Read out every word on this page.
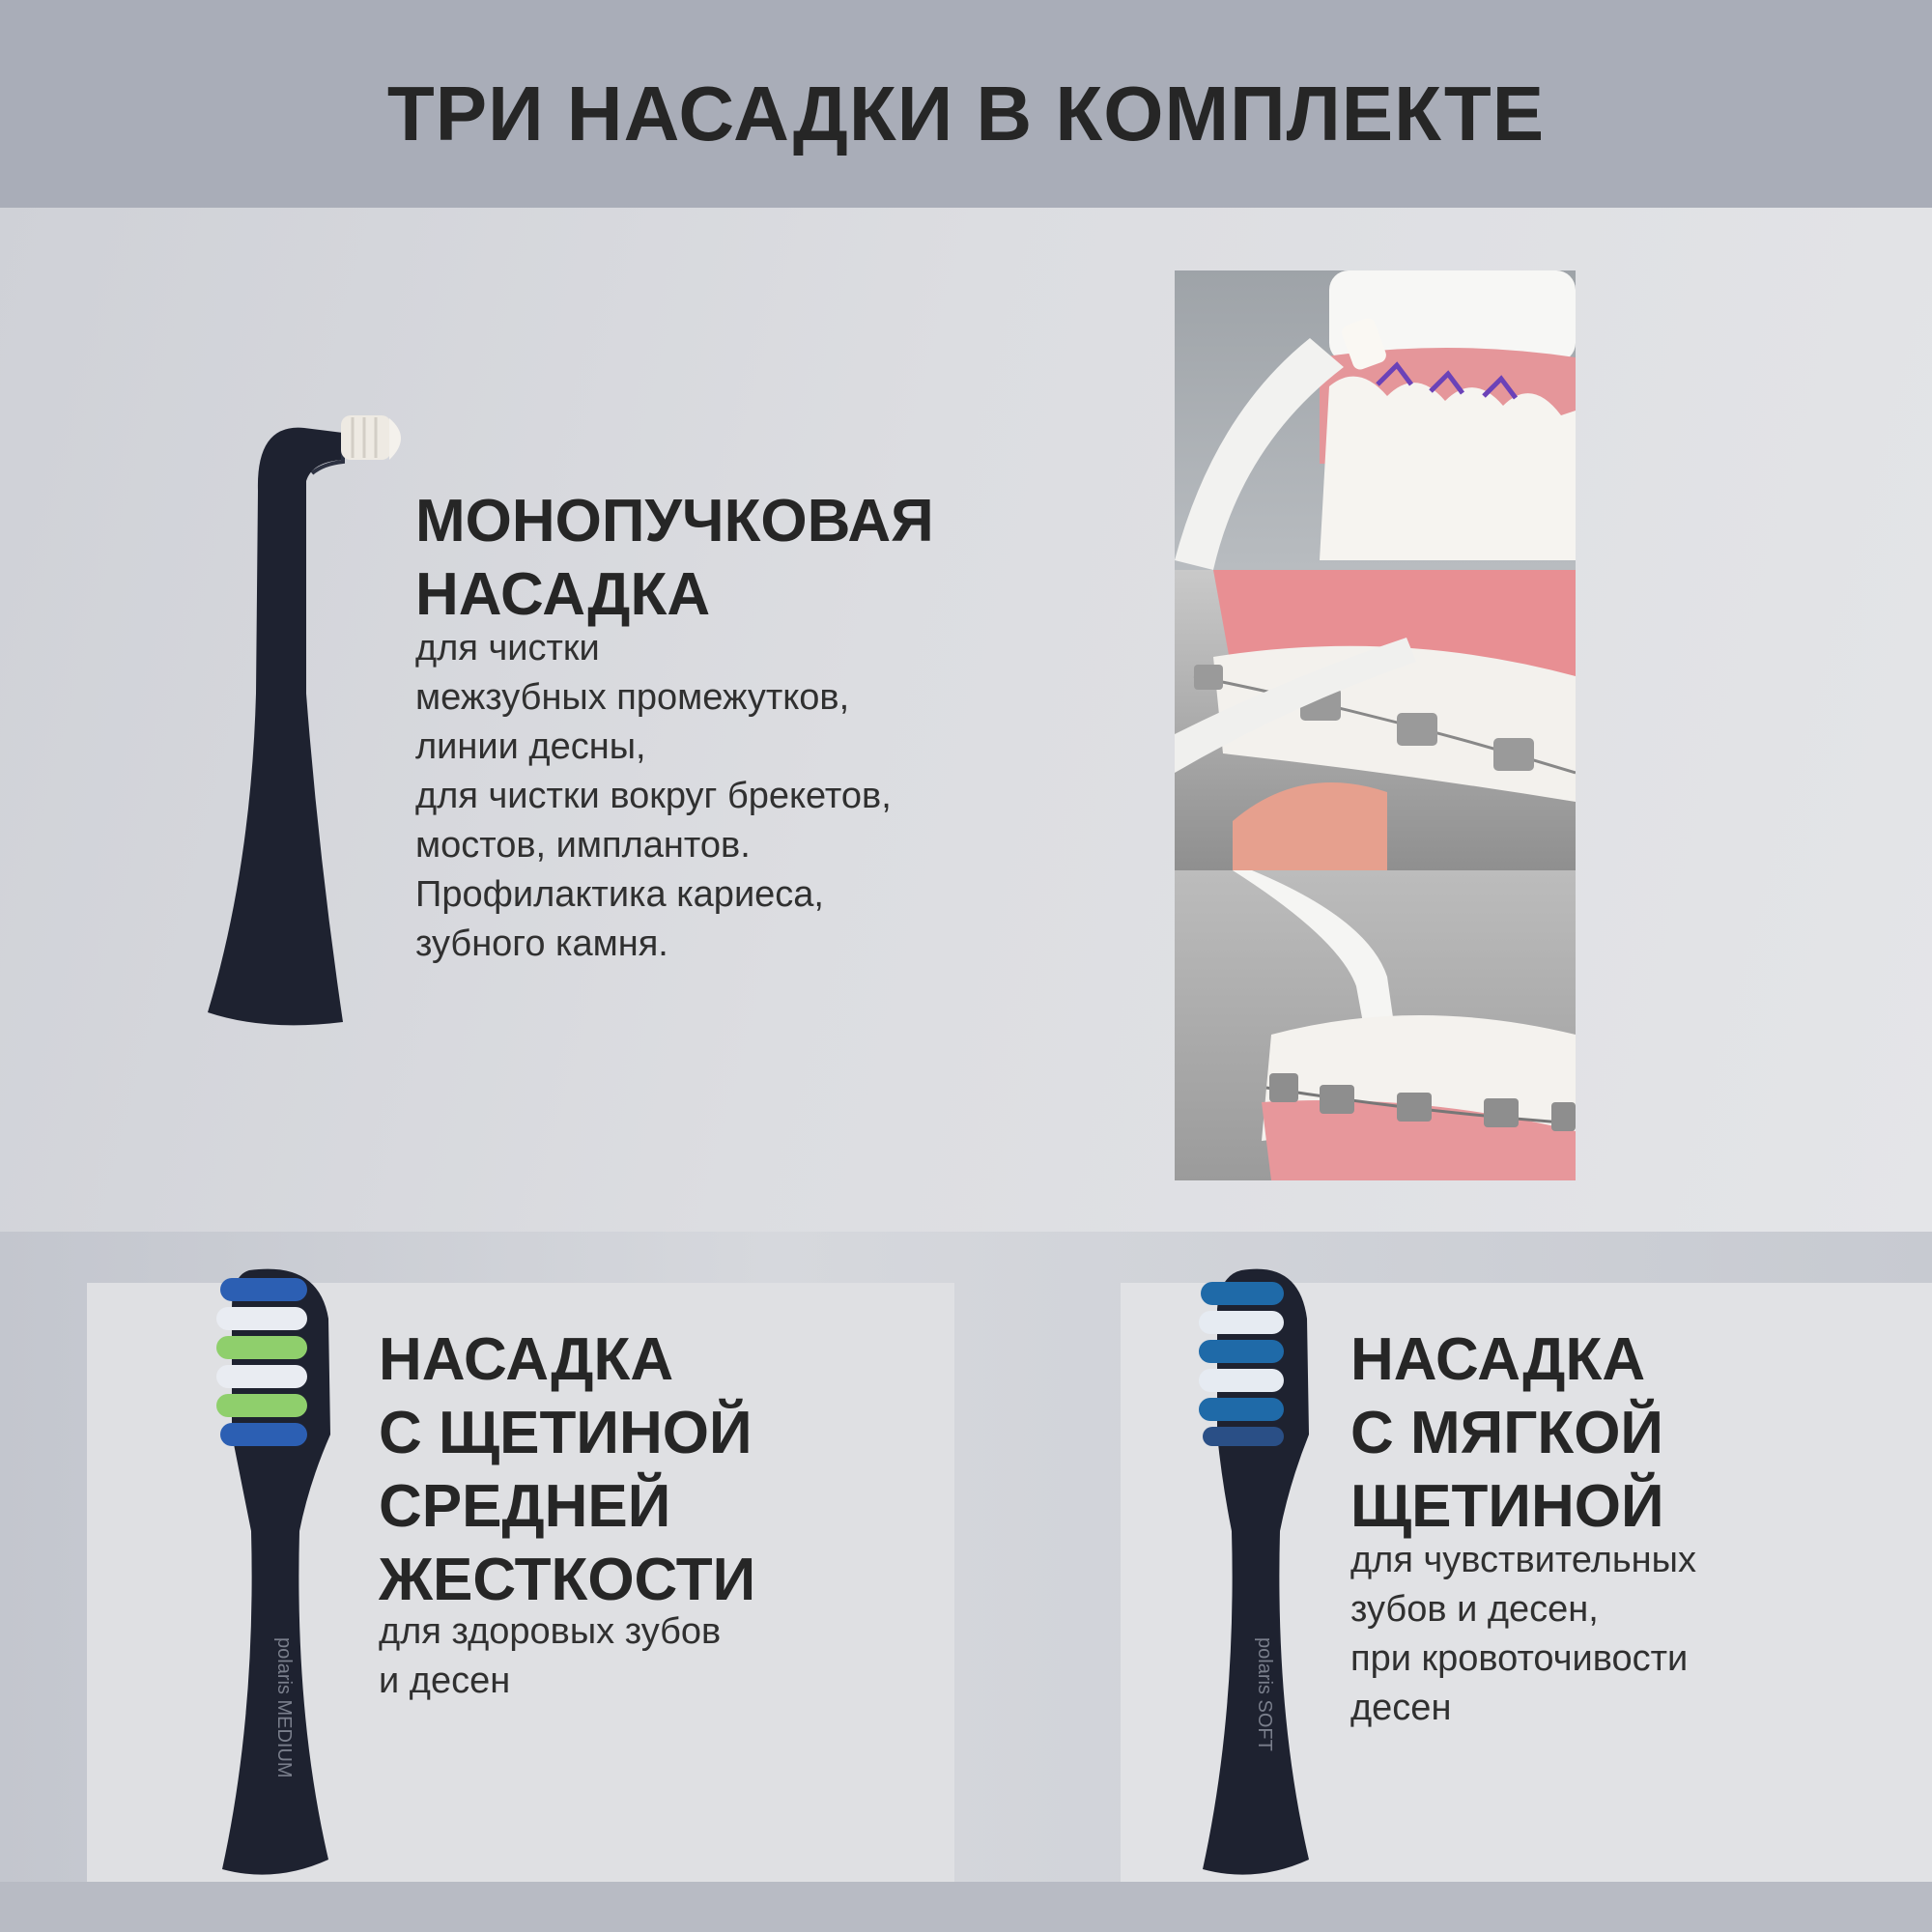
ТРИ НАСАДКИ В КОМПЛЕКТЕ
МОНОПУЧКОВАЯ
НАСАДКА
для чистки
межзубных промежутков,
линии десны,
для чистки вокруг брекетов,
мостов, имплантов.
Профилактика кариеса,
зубного камня.
polaris MEDIUM
НАСАДКА
С ЩЕТИНОЙ
СРЕДНЕЙ
ЖЕСТКОСТИ
для здоровых зубов
и десен	polaris SOFT
НАСАДКА
С МЯГКОЙ
ЩЕТИНОЙ
для чувствительных
зубов и десен,
при кровоточивости
десен
